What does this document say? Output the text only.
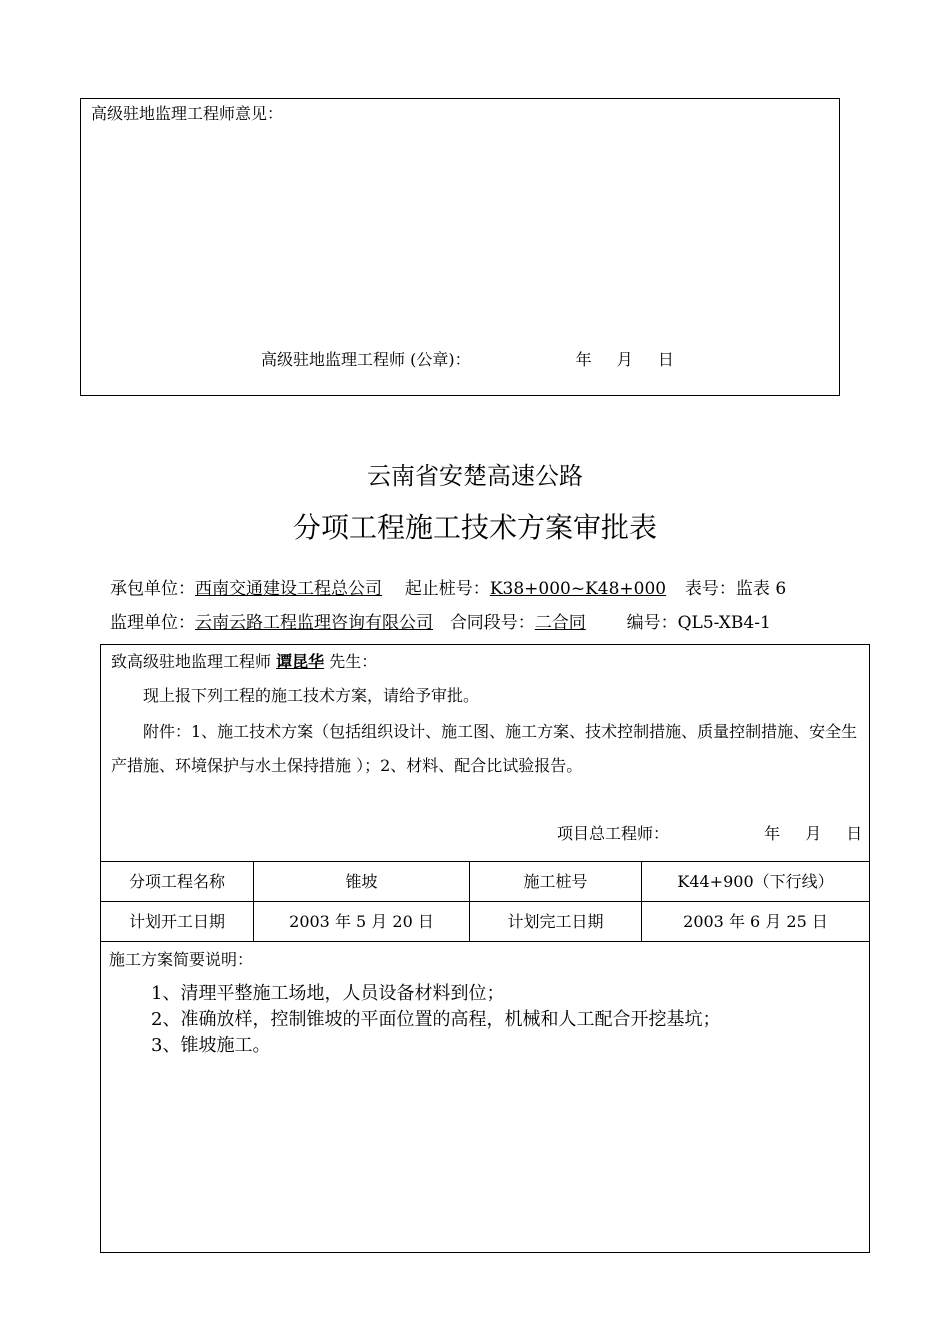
高级驻地监理工程师意见：
高级驻地监理工程师 (公章)：	年 月 日
云南省安楚高速公路
分项工程施工技术方案审批表
承包单位：西南交通建设工程总公司 起止桩号：K38+000~K48+000 表号：监表 6
监理单位：云南云路工程监理咨询有限公司 合同段号：二合同 编号：QL5-XB4-1
致高级驻地监理工程师 谭昆华 先生：
现上报下列工程的施工技术方案，请给予审批。
附件：1、施工技术方案（包括组织设计、施工图、施工方案、技术控制措施、质量控制措施、安全生产措施、环境保护与水土保持措施 ）；2、材料、配合比试验报告。
项目总工程师：	年 月 日
分项工程名称	锥坡	施工桩号	K44+900（下行线）
计划开工日期	2003 年 5 月 20 日	计划完工日期	2003 年 6 月 25 日
施工方案简要说明：
1、清理平整施工场地，人员设备材料到位；
2、准确放样，控制锥坡的平面位置的高程，机械和人工配合开挖基坑；
3、锥坡施工。
